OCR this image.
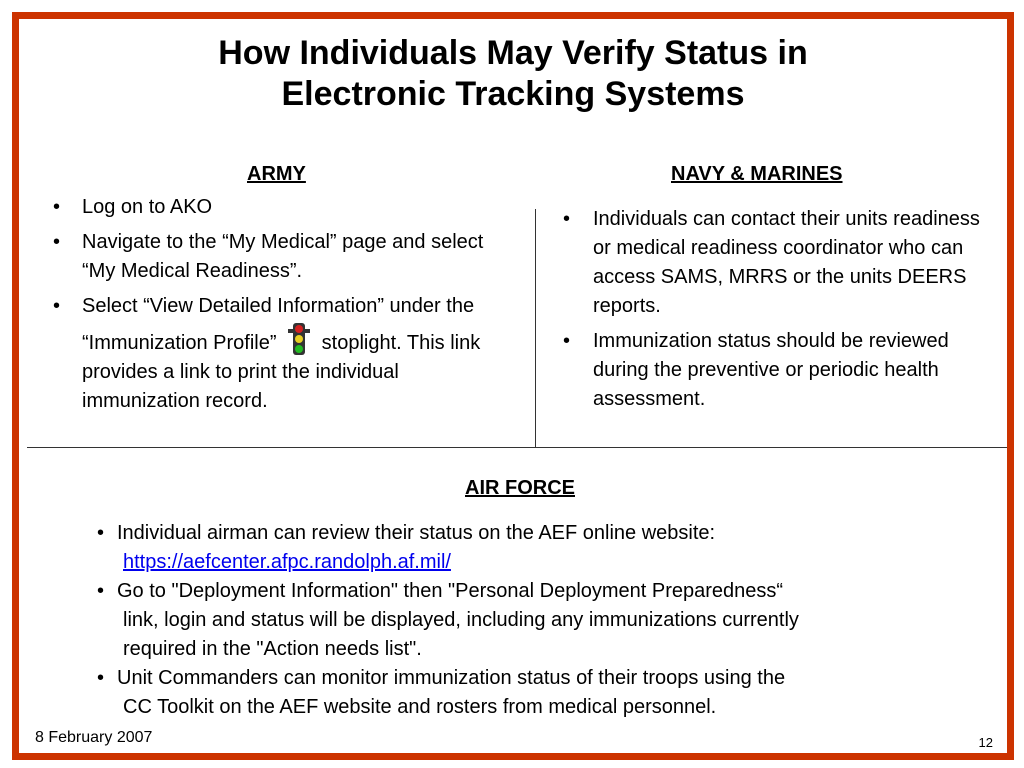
How Individuals May Verify Status in
Electronic Tracking Systems
ARMY
• Log on to AKO
• Navigate to the “My Medical” page and select “My Medical Readiness”.
• Select “View Detailed Information” under the “Immunization Profile” stoplight. This link provides a link to print the individual immunization record.
NAVY & MARINES
• Individuals can contact their units readiness or medical readiness coordinator who can access SAMS, MRRS or the units DEERS reports.
• Immunization status should be reviewed during the preventive or periodic health assessment.
AIR FORCE
• Individual airman can review their status on the AEF online website:
https://aefcenter.afpc.randolph.af.mil/
• Go to "Deployment Information" then "Personal Deployment Preparedness“
link, login and status will be displayed, including any immunizations currently
required in the "Action needs list".
• Unit Commanders can monitor immunization status of their troops using the
CC Toolkit on the AEF website and rosters from medical personnel.
8 February 2007	12
